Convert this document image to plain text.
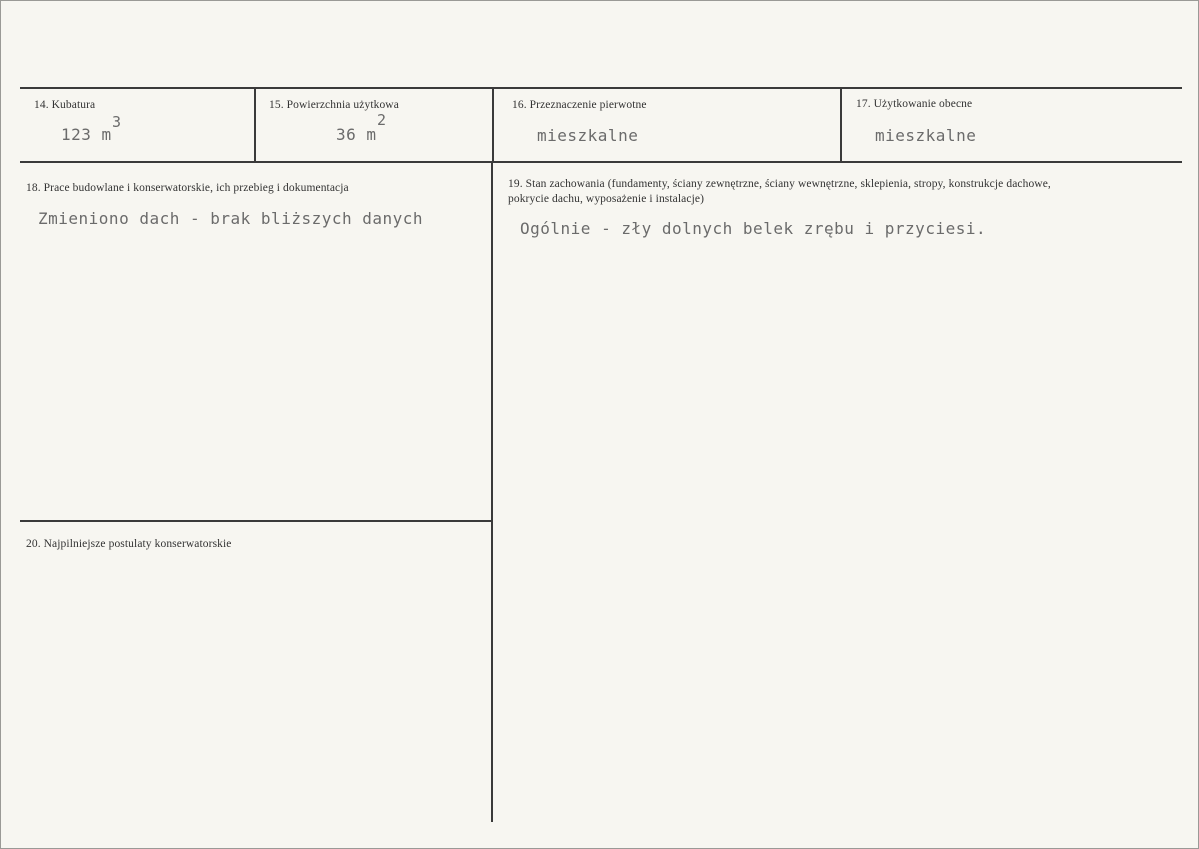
14. Kubatura
123 m
3
15. Powierzchnia użytkowa
36 m
2
16. Przeznaczenie pierwotne
mieszkalne
17. Użytkowanie obecne
mieszkalne
18. Prace budowlane i konserwatorskie, ich przebieg i dokumentacja
Zmieniono dach - brak bliższych danych
19. Stan zachowania (fundamenty, ściany zewnętrzne, ściany wewnętrzne, sklepienia, stropy, konstrukcje dachowe, pokrycie dachu, wyposażenie i instalacje)
Ogólnie - zły dolnych belek zrębu i przyciesi.
20. Najpilniejsze postulaty konserwatorskie
